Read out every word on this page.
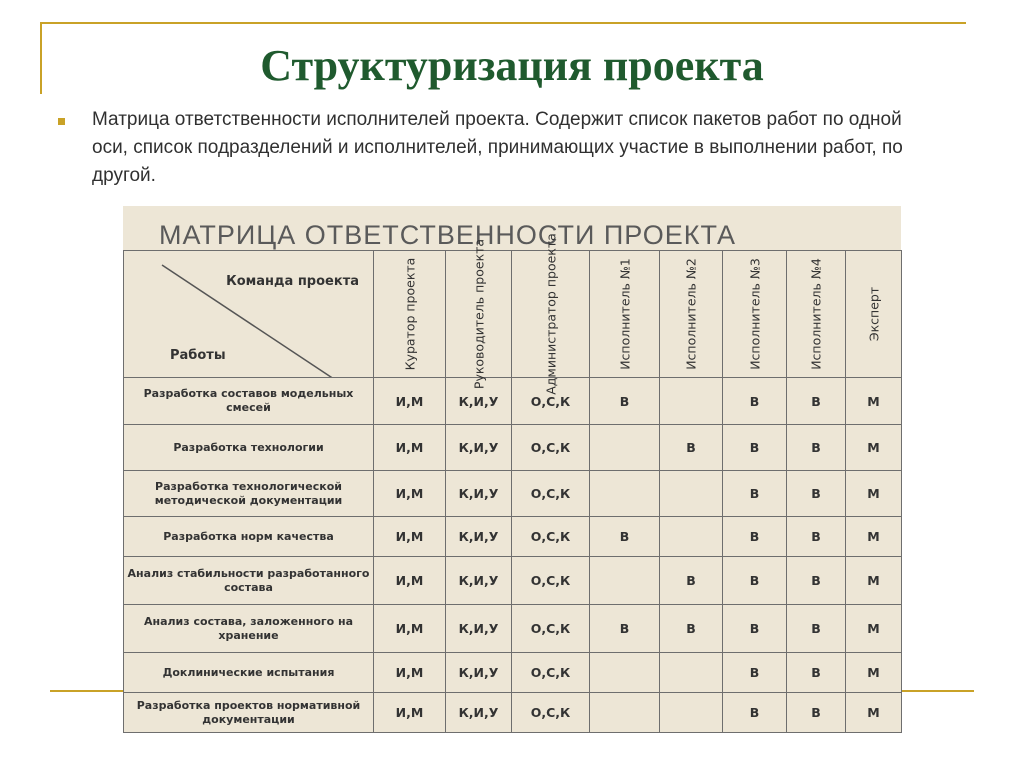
Структуризация проекта
Матрица ответственности исполнителей проекта. Содержит список пакетов работ по одной оси, список подразделений и исполнителей, принимающих участие в выполнении работ, по другой.
МАТРИЦА ОТВЕТСТВЕННОСТИ ПРОЕКТА
Команда проекта
Работы	Куратор проекта	Руководитель проекта	Администратор проекта	Исполнитель №1	Исполнитель №2	Исполнитель №3	Исполнитель №4	Эксперт

Разработка составов модельных смесей	И,М	К,И,У	О,С,К	В		В	В	М
Разработка технологии	И,М	К,И,У	О,С,К		В	В	В	М
Разработка технологической методической документации	И,М	К,И,У	О,С,К			В	В	М
Разработка норм качества	И,М	К,И,У	О,С,К	В		В	В	М
Анализ стабильности разработанного состава	И,М	К,И,У	О,С,К		В	В	В	М
Анализ состава, заложенного на хранение	И,М	К,И,У	О,С,К	В	В	В	В	М
Доклинические испытания	И,М	К,И,У	О,С,К			В	В	М
Разработка проектов нормативной документации	И,М	К,И,У	О,С,К			В	В	М
